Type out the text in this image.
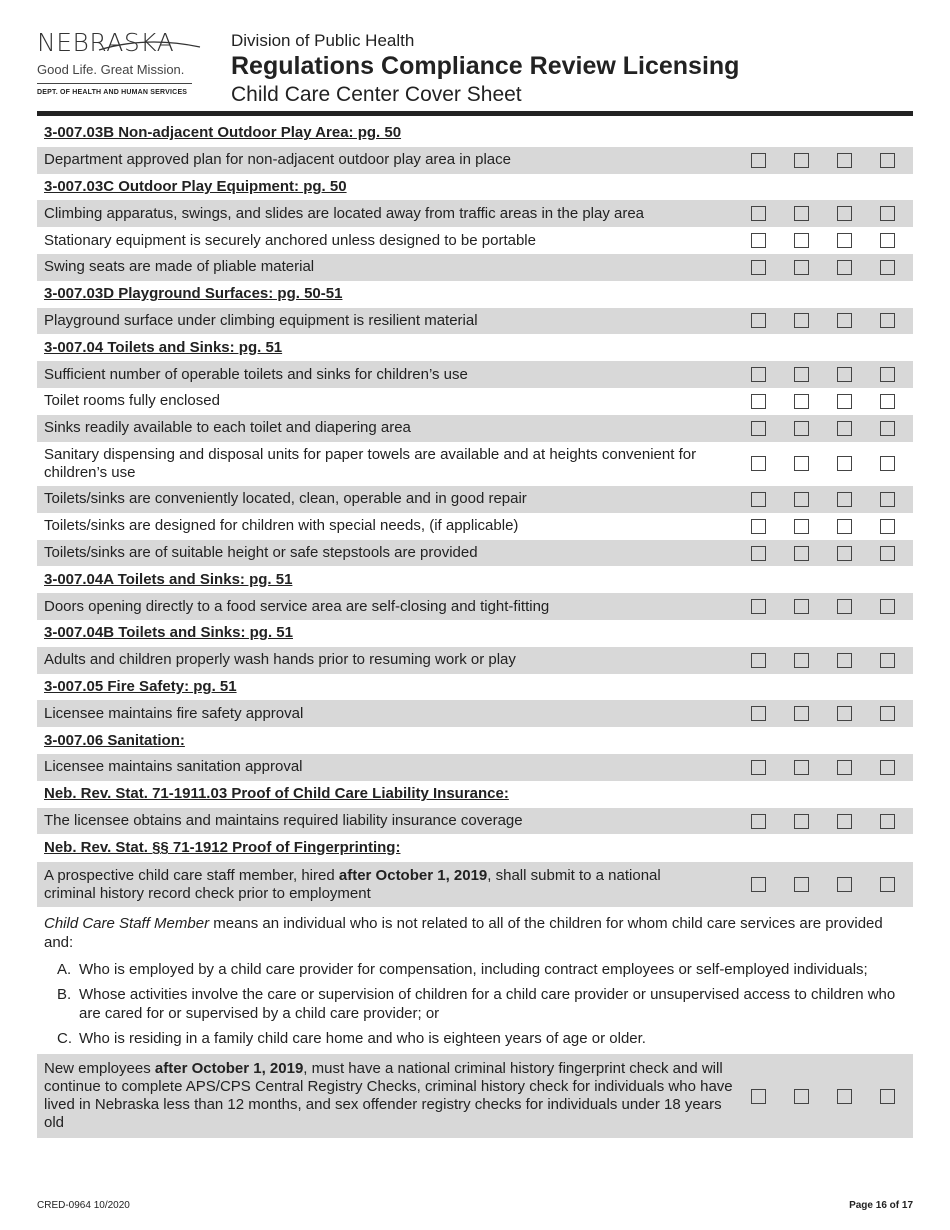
NEBRASKA
Good Life. Great Mission.
DEPT. OF HEALTH AND HUMAN SERVICES
Division of Public Health
Regulations Compliance Review Licensing
Child Care Center Cover Sheet
3-007.03B Non-adjacent Outdoor Play Area: pg. 50
Department approved plan for non-adjacent outdoor play area in place
3-007.03C Outdoor Play Equipment: pg. 50
Climbing apparatus, swings, and slides are located away from traffic areas in the play area
Stationary equipment is securely anchored unless designed to be portable
Swing seats are made of pliable material
3-007.03D Playground Surfaces: pg. 50-51
Playground surface under climbing equipment is resilient material
3-007.04 Toilets and Sinks: pg. 51
Sufficient number of operable toilets and sinks for children’s use
Toilet rooms fully enclosed
Sinks readily available to each toilet and diapering area
Sanitary dispensing and disposal units for paper towels are available and at heights convenient for children’s use
Toilets/sinks are conveniently located, clean, operable and in good repair
Toilets/sinks are designed for children with special needs, (if applicable)
Toilets/sinks are of suitable height or safe stepstools are provided
3-007.04A Toilets and Sinks: pg. 51
Doors opening directly to a food service area are self-closing and tight-fitting
3-007.04B Toilets and Sinks: pg. 51
Adults and children properly wash hands prior to resuming work or play
3-007.05 Fire Safety: pg. 51
Licensee maintains fire safety approval
3-007.06 Sanitation:
Licensee maintains sanitation approval
Neb. Rev. Stat. 71-1911.03 Proof of Child Care Liability Insurance:
The licensee obtains and maintains required liability insurance coverage
Neb. Rev. Stat. §§ 71-1912 Proof of Fingerprinting:
A prospective child care staff member, hired after October 1, 2019, shall submit to a national criminal history record check prior to employment
Child Care Staff Member means an individual who is not related to all of the children for whom child care services are provided and:
A. Who is employed by a child care provider for compensation, including contract employees or self-employed individuals;
B. Whose activities involve the care or supervision of children for a child care provider or unsupervised access to children who are cared for or supervised by a child care provider; or
C. Who is residing in a family child care home and who is eighteen years of age or older.
New employees after October 1, 2019, must have a national criminal history fingerprint check and will continue to complete APS/CPS Central Registry Checks, criminal history check for individuals who have lived in Nebraska less than 12 months, and sex offender registry checks for individuals under 18 years old
CRED-0964 10/2020	Page 16 of 17
